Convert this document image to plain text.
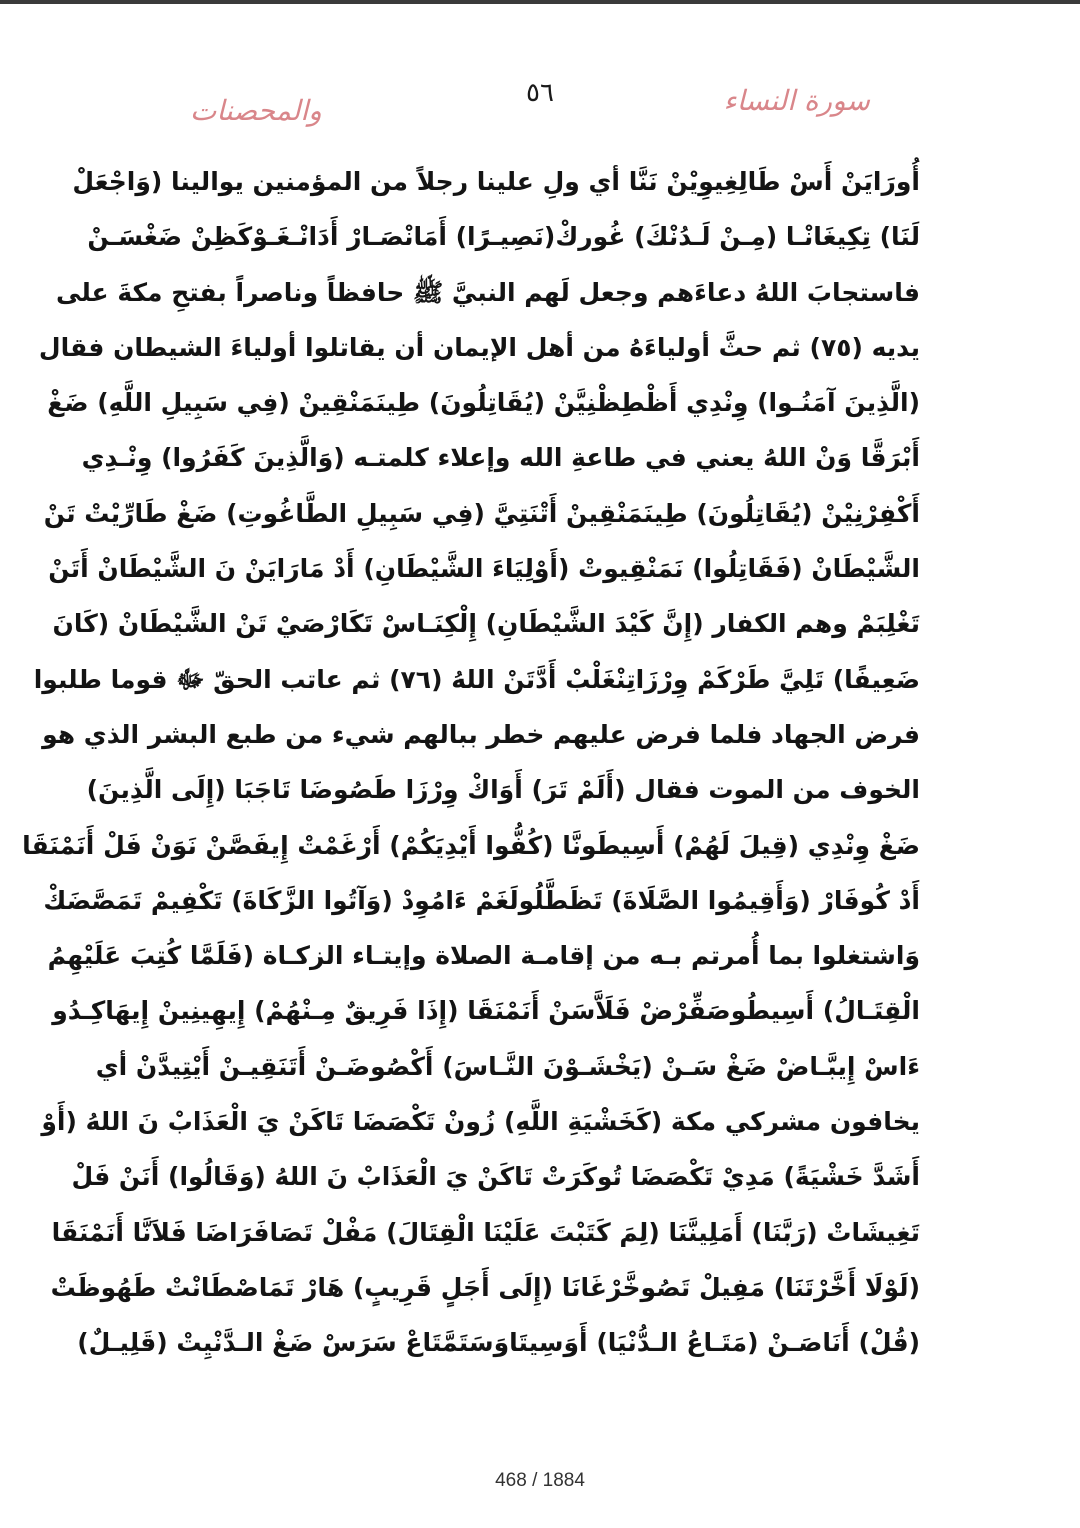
٥٦	سورة النساء
والمحصنات
أُورَايَنْ أَسْ طَالِغِيوِيْنْ نَنَّا أي ولِ علينا رجلاً من المؤمنين يوالينا (وَاجْعَلْ
لَنَا) تِكِيغَانْـا (مِـنْ لَـدُنْكَ) غُوركْ(نَصِيـرًا) أَمَانْصَـارْ أَدَانْـغَـوْكَظِنْ ضَغْسَـنْ
فاستجابَ اللهُ دعاءَهم وجعل لَهم النبيَّ ﷺ حافظاً وناصراً بفتحِ مكةَ على
يديه (٧٥) ثم حثَّ أولياءَهُ من أهل الإيمان أن يقاتلوا أولياءَ الشيطان فقال
(الَّذِينَ آمَنُـوا) وِنْدِي أَظْطِظْنِيَّنْ (يُقَاتِلُونَ) طِينَمَنْقِينْ (فِي سَبِيلِ اللَّهِ) ضَغْ
أَبْرَقَّا وَنْ اللهُ يعني في طاعةِ الله وإعلاء كلمتـه (وَالَّذِينَ كَفَرُوا) وِنْـدِي
أَكْفِرْنِيْنْ (يُقَاتِلُونَ) طِينَمَنْقِينْ أَتْنَتِيَّ (فِي سَبِيلِ الطَّاغُوتِ) ضَغْ طَارِّيْتْ تَنْ
الشَّيْطَانْ (فَقَاتِلُوا) نَمَنْقِيوتْ (أَوْلِيَاءَ الشَّيْطَانِ) أَدْ مَارَايَنْ نَ الشَّيْطَانْ أَتَنْ
تَغْلِبَمْ وهم الكفار (إِنَّ كَيْدَ الشَّيْطَانِ) إِلْكِنَـاسْ تَكَارْصَيْ تَنْ الشَّيْطَانْ (كَانَ
ضَعِيفًا) تَلِيَّ طَرْكَمْ وِرْزَاتِنْغَلْبْ أَدَّتَنْ اللهُ (٧٦) ثم عاتب الحقّ ﷻ قوما طلبوا
فرض الجهاد فلما فرض عليهم خطر ببالهم شيء من طبع البشر الذي هو
الخوف من الموت فقال (أَلَمْ تَرَ) أَوَاكْ وِرْزَا طَصُوضَا تَاجَبَا (إِلَى الَّذِينَ)
ضَغْ وِنْدِي (قِيلَ لَهُمْ) أَسِيطَونَّا (كُفُّوا أَيْدِيَكُمْ) أَرْغَمْتْ إِيفَصَّنْ نَوَنْ فَلْ أَنَمْنَقَا
أَدْ كُوفَارْ (وَأَقِيمُوا الصَّلَاةَ) تَظَطَّلُولَغَمْ ءَامُوِدْ (وَآتُوا الزَّكَاةَ) تَكْفِيمْ تَمَصَّضَكْ
وَاشتغلوا بما أُمرتم بـه من إقامـة الصلاة وإيتـاء الزكـاة (فَلَمَّا كُتِبَ عَلَيْهِمُ
الْقِتَـالُ) أَسِيطُوصَفِّرْضْ فَلَاَّسَنْ أَنَمْنَقَا (إِذَا فَرِيقٌ مِـنْهُمْ) إِيهِينِينْ إِيهَاكِـدُو
ءَاسْ إِيبَّـاضْ ضَغْ سَـنْ (يَخْشَـوْنَ النَّـاسَ) أَكْصُوضَـنْ أَتَنَقِيـنْ أَيْتِيدَّنْ أي
يخافون مشركي مكة (كَخَشْيَةِ اللَّهِ) زُونْ تَكْصَضَا تَاكَنْ يَ الْعَذَابْ نَ اللهُ (أَوْ
أَشَدَّ خَشْيَةً) مَدِيْ تَكْصَضَا تُوكَرَتْ تَاكَنْ يَ الْعَذَابْ نَ اللهُ (وَقَالُوا) أَنَنْ فَلْ
تَغِيشَاتْ (رَبَّنَا) أَمَلِينَّنَا (لِمَ كَتَبْتَ عَلَيْنَا الْقِتَالَ) مَفْلْ تَصَافَرَاضَا فَلاَنَّا أَنَمْنَقَا
(لَوْلَا أَخَّرْتَنَا) مَفِيلْ تَصُوخَّرْغَانَا (إِلَى أَجَلٍ قَرِيبٍ) هَارْ تَمَاصْطَانْتْ طَهُوظَتْ
(قُلْ) أَنَاصَـنْ (مَتَـاعُ الـدُّنْيَا) أَوَسِيتَاوَسَتَمَّتَاعْ سَرَسْ ضَغْ الـدَّنْيِتْ (قَلِيـلٌ)
468 / 1884
